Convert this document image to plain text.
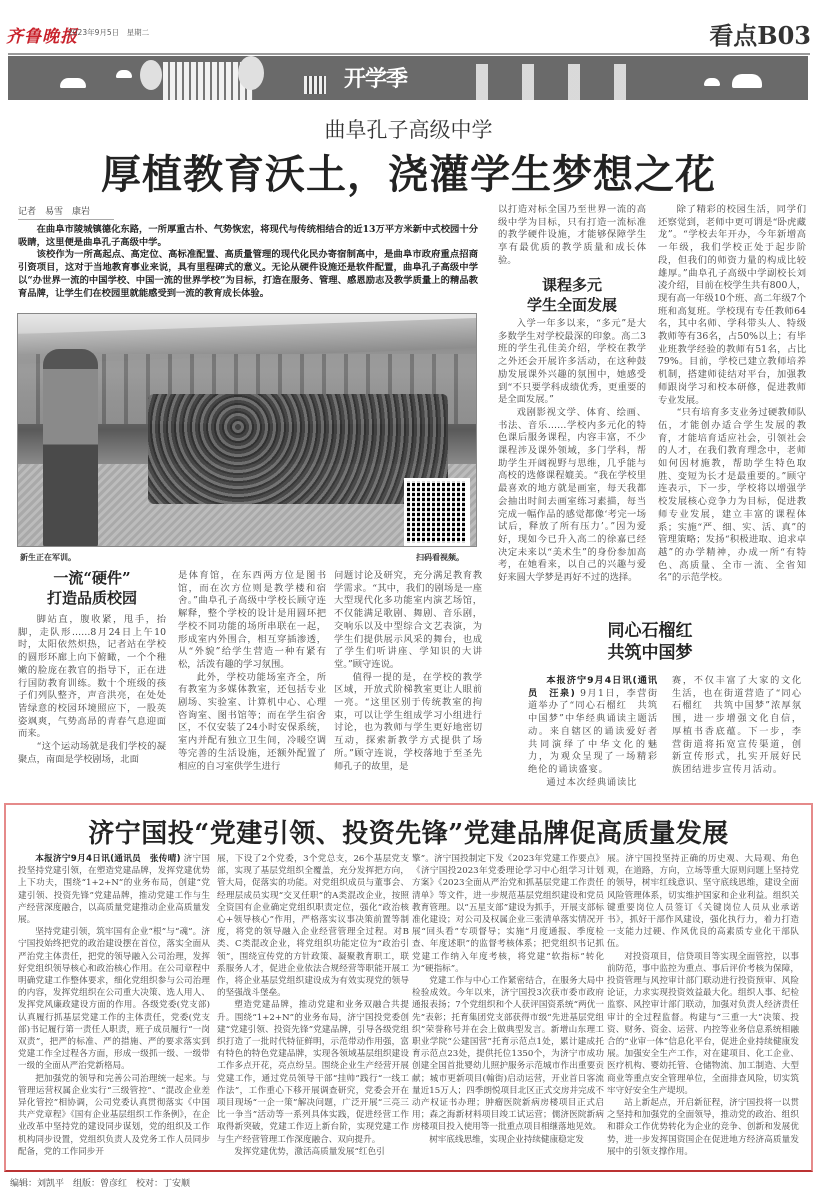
齐鲁晚报
2023年9月5日　星期二	看点B03
开学季
曲阜孔子高级中学
厚植教育沃土，浇灌学生梦想之花
记者　易雪　康岩

在曲阜市陵城镇德化东路，一所厚重古朴、气势恢宏，将现代与传统相结合的近13万平方米新中式校园十分吸睛，这里便是曲阜孔子高级中学。

该校作为一所高起点、高定位、高标准配置、高质量管理的现代化民办寄宿制高中，是曲阜市政府重点招商引资项目，这对于当地教育事业来说，具有里程碑式的意义。无论从硬件设施还是软件配置，曲阜孔子高级中学以“办世界一流的中国学校、中国一流的世界学校”为目标，打造在服务、管理、感恩励志及教学质量上的精品教育品牌，让学生们在校园里就能感受到一流的教育成长体验。

新生正在军训。	扫码看视频。
一流“硬件”
打造品质校园

脚站直，腹收紧，甩手，抬脚，走队形……8月24日上午10时，太阳依然炽热，记者站在学校的圆形环廊上向下俯瞰，一个个稚嫩的脸庞在教官的指导下，正在进行国防教育训练。数十个班级的孩子们列队整齐，声音洪亮，在处处皆绿意的校园环境照应下，一股英姿飒爽，气势高昂的青春气息迎面而来。

“这个运动场就是我们学校的凝聚点，南面是学校剧场，北面

是体育馆，在东西两方位是图书馆，而在次方位则是教学楼和宿舍。”曲阜孔子高级中学校长顾守连解释，整个学校的设计是用圆环把学校不同功能的场所串联在一起，形成室内外围合，相互穿插渗透，从“外貌”给学生营造一种有紧有松，活泼有趣的学习氛围。

此外，学校功能场室齐全，所有教室为多媒体教室，还包括专业剧场、实验室、计算机中心、心理咨询室、图书馆等；而在学生宿舍区，不仅安装了24小时安保系统，室内并配有独立卫生间，冷暖空调等完善的生活设施，还额外配置了相应的自习室供学生进行

问题讨论及研究，充分满足教育教学需求。“其中，我们的剧场是一座大型现代化多功能室内演艺场馆，不仅能满足歌剧、舞剧、音乐剧，交响乐以及中型综合文艺表演，为学生们提供展示风采的舞台，也成了学生们听讲座、学知识的大讲堂。”顾守连说。

值得一提的是，在学校的教学区域，开放式阶梯教室更让人眼前一亮。“这里区别于传统教室的拘束，可以让学生组成学习小组进行讨论，也为教师与学生更好地密切互动，探索新教学方式提供了场所。”顾守连说，学校落地于至圣先师孔子的故里，是

以打造对标全国乃至世界一流的高级中学为目标，只有打造一流标准的教学硬件设施，才能够保障学生享有最优质的教学质量和成长体验。

课程多元
学生全面发展

入学一年多以来，“多元”是大多数学生对学校最深的印象。高二3班的学生孔佳美介绍，学校在教学之外还会开展许多活动，在这种鼓励发展课外兴趣的氛围中，她感受到“不只要学科成绩优秀，更重要的是全面发展。”

戏剧影视文学、体育、绘画、书法、音乐……学校内多元化的特色课后服务课程，内容丰富，不少课程涉及课外领域，多门学科，帮助学生开阔视野与思维，几乎能与高校的选修课程媲美。“我在学校里最喜欢的地方就是画室，每天我都会抽出时间去画室练习素描，每当完成一幅作品的感觉都像‘考完一场试后，释放了所有压力’。”因为爱好，现如今已升入高二的徐嘉已经决定未来以“美术生”的身份参加高考，在她看来，以自己的兴趣与爱好来圆大学梦是再好不过的选择。

除了精彩的校园生活，同学们还察觉到，老师中更可谓是“卧虎藏龙”。“学校去年开办，今年新增高一年级，我们学校正处于起步阶段，但我们的师资力量的构成比较雄厚。”曲阜孔子高级中学副校长刘凌介绍，目前在校学生共有800人，现有高一年级10个班、高二年级7个班和高复班。学校现有专任教师64名，其中名师、学科带头人、特级教师等有36名，占50%以上；有毕业班教学经验的教师有51名，占比79%。目前，学校已建立教师培养机制，搭建师徒结对平台，加强教师跟岗学习和校本研修，促进教师专业发展。

“只有培育多支业务过硬教师队伍，才能创办适合学生发展的教育，才能培育适应社会，引领社会的人才，在我们教育理念中，老师如何因材施教，帮助学生特色取胜、变短为长才是最重要的。”顾守连表示，下一步，学校将以增强学校发展核心竞争力为目标，促进教师专业发展，建立丰富的课程体系；实施“严、细、实、活、真”的管理策略；发扬“积极进取、追求卓越”的办学精神，办成一所“有特色、高质量、全市一流、全省知名”的示范学校。

同心石榴红
共筑中国梦

本报济宁9月4日讯(通讯员　汪泉) 9月1日，李营街道举办了“同心石榴红　共筑中国梦”中华经典诵读主题活动。来自辖区的诵读爱好者共同演绎了中华文化的魅力，为观众呈现了一场精彩绝伦的诵读盛宴。

通过本次经典诵读比

赛，不仅丰富了大家的文化生活，也在街道营造了“同心石榴红　共筑中国梦”浓厚氛围，进一步增强文化自信，厚植书香底蕴。下一步，李营街道将拓宽宣传渠道，创新宣传形式，扎实开展好民族团结进步宣传月活动。

济宁国投“党建引领、投资先锋”党建品牌促高质量发展

本报济宁9月4日讯(通讯员　张传晴) 济宁国投坚持党建引领，在塑造党建品牌，发挥党建优势上下功夫，围绕“1+2+N”的业务布局，创建“党建引领、投资先锋”党建品牌，推动党建工作与生产经营深度融合，以高质量党建推动企业高质量发展。

坚持党建引领，筑牢国有企业“根”与“魂”。济宁国投始终把党的政治建设摆在首位，落实全面从严治党主体责任，把党的领导融入公司治理，发挥好党组织领导核心和政治核心作用。在公司章程中明确党建工作整体要求，细化党组织参与公司治理的内容，发挥党组织在公司重大决策、选人用人、发挥党风廉政建设方面的作用。各级党委(党支部)认真履行抓基层党建工作的主体责任，党委(党支部)书记履行第一责任人职责，班子成员履行“一岗双责”，把严的标准、严的措施、严的要求落实到党建工作全过程各方面，形成一级抓一级、一级带一级的全面从严治党新格局。

把加强党的领导和完善公司治理统一起来。与管理运营权属企业实行“三级管控”、“混改企业差异化管控”相协调，公司党委认真贯彻落实《中国共产党章程》《国有企业基层组织工作条例》，在企业改革中坚持党的建设同步谋划，党的组织及工作机构同步设置，党组织负责人及党务工作人员同步配备，党的工作同步开

展，下设了2个党委，3个党总支，26个基层党支部，实现了基层党组织全覆盖，充分发挥把方向，管大局，促落实的功能。对党组织成员与董事会、经理层成员实现“交叉任职”的A类混改企业，按照全资国有企业确定党组织职责定位，强化“政治核心+领导核心”作用，严格落实议事决策前置等制度，将党的领导融入企业经营管理全过程。对B类、C类混改企业，将党组织功能定位为“政治引领”，围绕宣传党的方针政策、凝聚教育职工，联系服务人才，促进企业依法合规经营等职能开展工作，将企业基层党组织建设成为有效实现党的领导的坚强战斗堡垒。

塑造党建品牌，推动党建和业务双融合共提升。围绕“1+2+N”的业务布局，济宁国投党委创建“党建引领、投资先锋”党建品牌，引导各级党组织打造了一批时代特征鲜明，示范带动作用强，富有特色的特色党建品牌，实现各领域基层组织建设工作多点开花，亮点纷呈。围绕企业生产经营开展党建工作，通过党员领导干部“挂帅”践行“一线工作法”，工作重心下移开展调查研究，党委会开在项目现场“一企一策”解决问题，广泛开展“三亮三比一争当”活动等一系列具体实践，促进经营工作取得新突破，党建工作迈上新台阶，实现党建工作与生产经营管理工作深度融合、双向提升。

发挥党建优势，激活高质量发展“红色引

擎”。济宁国投制定下发《2023年党建工作要点》《济宁国投2023年党委理论学习中心组学习计划方案》《2023全面从严治党和抓基层党建工作责任清单》等文件，进一步规范基层党组织建设和党员教育管理。以“五星支部”建设为抓手，开展支部标准化建设；对公司及权属企业三张清单落实情况开展“回头看”专项督导；实施“月度通报、季度检查、年度述职”的监督考核体系；把党组织书记抓党建工作纳入年度考核，将党建“软指标”转化为“硬指标”。

党建工作与中心工作紧密结合，在服务大局中检验成效。今年以来，济宁国投3次获市委市政府通报表扬；7个党组织和个人获评国资系统“两优一先”表彰；托育集团党支部获得市级“先进基层党组织”荣誉称号并在会上做典型发言。新增山东理工职业学院“公建国营”托育示范点1处，累计建成托育示范点23处，提供托位1350个，为济宁市成功创建全国首批婴幼儿照护服务示范城市作出重要贡献；城市更新项目(翰街)启动运营，开业首日客流量近15万人；四季朗悦项目北区正式交房并完成不动产权证书办理；肿瘤医院新病房楼项目正式启用；森之海新材料项目竣工试运营；儒济医院新病房楼项目投入使用等一批重点项目相继落地见效。

树牢底线思维，实现企业持续健康稳定发

展。济宁国投坚持正确的历史观、大局观、角色观，在道路，方向，立场等重大原则问题上坚持党的领导，树牢红线意识、坚守底线思维，建设全面风险管理体系，切实维护国家和企业利益。组织关键重要岗位人员签订《关键岗位人员从业承诺书》，抓好干部作风建设，强化执行力，着力打造一支能力过硬、作风优良的高素质专业化干部队伍。

对投资项目，信贷项目等实现全面管控，以事前防范，事中监控为重点、事后评价考核为保障，投资管理与风控审计部门联动进行投资预审、风险论证，力求实现投资效益最大化。组织人事、纪检监察、风控审计部门联动，加强对负责人经济责任审计的全过程监督。构建与“三重一大”决策、投资、财务、资金、运营、内控等业务信息系统相融合的“业审一体”信息化平台，促进企业持续健康发展。加强安全生产工作，对在建项目、化工企业、医疗机构、婴幼托管、仓储物流、加工制造、大型商业等重点安全管理单位，全面排查风险，切实筑牢守好安全生产堤坝。

站上新起点，开启新征程，济宁国投将一以贯之坚持和加强党的全面领导，推动党的政治、组织和群众工作优势转化为企业的竞争、创新和发展优势，进一步发挥国资国企在促进地方经济高质量发展中的引领支撑作用。

编辑：刘凯平　组版：曾彦红　校对：丁安顺
